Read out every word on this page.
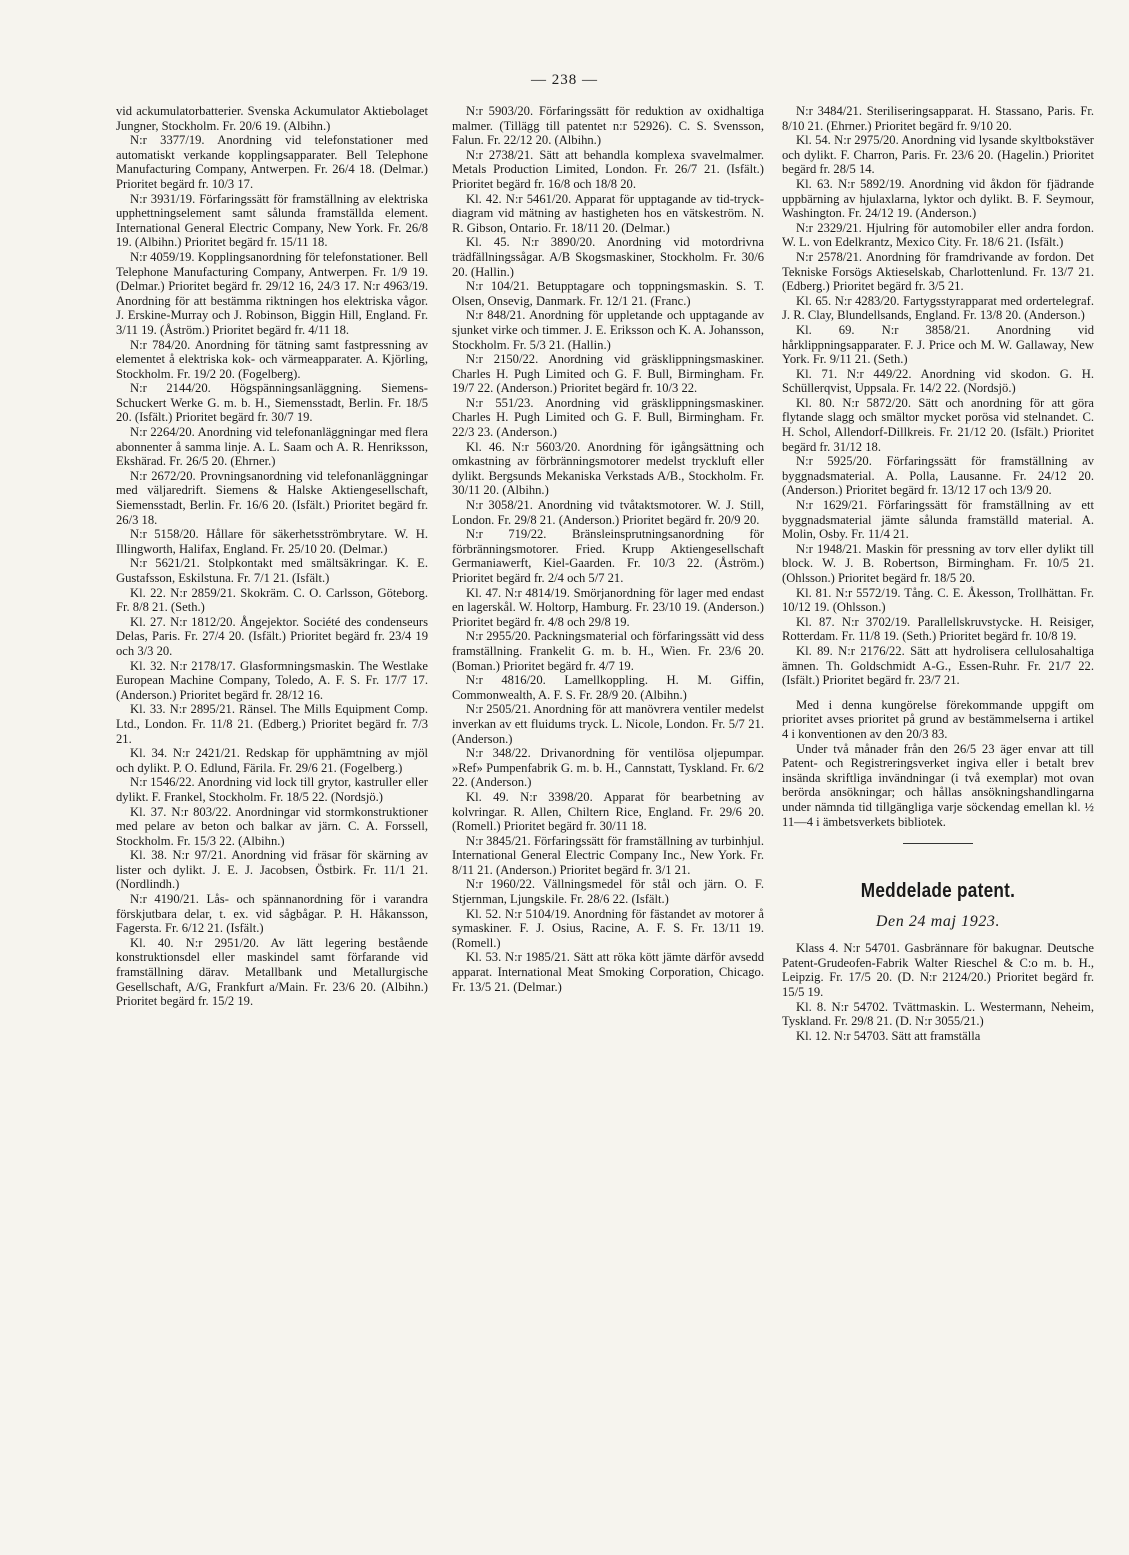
— 238 —

vid ackumulatorbatterier. Svenska Ackumulator Aktiebolaget Jungner, Stockholm. Fr. 20/6 19. (Albihn.)

N:r 3377/19. Anordning vid telefonstationer med automatiskt verkande kopplingsapparater. Bell Telephone Manufacturing Company, Antwerpen. Fr. 26/4 18. (Delmar.) Prioritet begärd fr. 10/3 17.

N:r 3931/19. Förfaringssätt för framställning av elektriska upphettningselement samt sålunda framställda element. International General Electric Company, New York. Fr. 26/8 19. (Albihn.) Prioritet begärd fr. 15/11 18.

N:r 4059/19. Kopplingsanordning för telefonstationer. Bell Telephone Manufacturing Company, Antwerpen. Fr. 1/9 19. (Delmar.) Prioritet begärd fr. 29/12 16, 24/3 17. N:r 4963/19. Anordning för att bestämma riktningen hos elektriska vågor. J. Erskine-Murray och J. Robinson, Biggin Hill, England. Fr. 3/11 19. (Åström.) Prioritet begärd fr. 4/11 18.

N:r 784/20. Anordning för tätning samt fastpressning av elementet å elektriska kok- och värmeapparater. A. Kjörling, Stockholm. Fr. 19/2 20. (Fogelberg).

N:r 2144/20. Högspänningsanläggning. Siemens-Schuckert Werke G. m. b. H., Siemensstadt, Berlin. Fr. 18/5 20. (Isfält.) Prioritet begärd fr. 30/7 19.

N:r 2264/20. Anordning vid telefonanläggningar med flera abonnenter å samma linje. A. L. Saam och A. R. Henriksson, Ekshärad. Fr. 26/5 20. (Ehrner.)

N:r 2672/20. Provningsanordning vid telefonanläggningar med väljaredrift. Siemens & Halske Aktiengesellschaft, Siemensstadt, Berlin. Fr. 16/6 20. (Isfält.) Prioritet begärd fr. 26/3 18.

N:r 5158/20. Hållare för säkerhetsströmbrytare. W. H. Illingworth, Halifax, England. Fr. 25/10 20. (Delmar.)

N:r 5621/21. Stolpkontakt med smältsäkringar. K. E. Gustafsson, Eskilstuna. Fr. 7/1 21. (Isfält.)

Kl. 22. N:r 2859/21. Skokräm. C. O. Carlsson, Göteborg. Fr. 8/8 21. (Seth.)

Kl. 27. N:r 1812/20. Ångejektor. Société des condenseurs Delas, Paris. Fr. 27/4 20. (Isfält.) Prioritet begärd fr. 23/4 19 och 3/3 20.

Kl. 32. N:r 2178/17. Glasformningsmaskin. The Westlake European Machine Company, Toledo, A. F. S. Fr. 17/7 17. (Anderson.) Prioritet begärd fr. 28/12 16.

Kl. 33. N:r 2895/21. Ränsel. The Mills Equipment Comp. Ltd., London. Fr. 11/8 21. (Edberg.) Prioritet begärd fr. 7/3 21.

Kl. 34. N:r 2421/21. Redskap för upphämtning av mjöl och dylikt. P. O. Edlund, Färila. Fr. 29/6 21. (Fogelberg.)

N:r 1546/22. Anordning vid lock till grytor, kastruller eller dylikt. F. Frankel, Stockholm. Fr. 18/5 22. (Nordsjö.)

Kl. 37. N:r 803/22. Anordningar vid stormkonstruktioner med pelare av beton och balkar av järn. C. A. Forssell, Stockholm. Fr. 15/3 22. (Albihn.)

Kl. 38. N:r 97/21. Anordning vid fräsar för skärning av lister och dylikt. J. E. J. Jacobsen, Östbirk. Fr. 11/1 21. (Nordlindh.)

N:r 4190/21. Lås- och spännanordning för i varandra förskjutbara delar, t. ex. vid sågbågar. P. H. Håkansson, Fagersta. Fr. 6/12 21. (Isfält.)

Kl. 40. N:r 2951/20. Av lätt legering bestående konstruktionsdel eller maskindel samt förfarande vid framställning därav. Metallbank und Metallurgische Gesellschaft, A/G, Frankfurt a/Main. Fr. 23/6 20. (Albihn.) Prioritet begärd fr. 15/2 19.

N:r 5903/20. Förfaringssätt för reduktion av oxidhaltiga malmer. (Tillägg till patentet n:r 52926). C. S. Svensson, Falun. Fr. 22/12 20. (Albihn.)

N:r 2738/21. Sätt att behandla komplexa svavelmalmer. Metals Production Limited, London. Fr. 26/7 21. (Isfält.) Prioritet begärd fr. 16/8 och 18/8 20.

Kl. 42. N:r 5461/20. Apparat för upptagande av tid-tryck-diagram vid mätning av hastigheten hos en vätskeström. N. R. Gibson, Ontario. Fr. 18/11 20. (Delmar.)

Kl. 45. N:r 3890/20. Anordning vid motordrivna trädfällningssågar. A/B Skogsmaskiner, Stockholm. Fr. 30/6 20. (Hallin.)

N:r 104/21. Betupptagare och toppningsmaskin. S. T. Olsen, Onsevig, Danmark. Fr. 12/1 21. (Franc.)

N:r 848/21. Anordning för uppletande och upptagande av sjunket virke och timmer. J. E. Eriksson och K. A. Johansson, Stockholm. Fr. 5/3 21. (Hallin.)

N:r 2150/22. Anordning vid gräsklippningsmaskiner. Charles H. Pugh Limited och G. F. Bull, Birmingham. Fr. 19/7 22. (Anderson.) Prioritet begärd fr. 10/3 22.

N:r 551/23. Anordning vid gräsklippningsmaskiner. Charles H. Pugh Limited och G. F. Bull, Birmingham. Fr. 22/3 23. (Anderson.)

Kl. 46. N:r 5603/20. Anordning för igångsättning och omkastning av förbränningsmotorer medelst tryckluft eller dylikt. Bergsunds Mekaniska Verkstads A/B., Stockholm. Fr. 30/11 20. (Albihn.)

N:r 3058/21. Anordning vid tvåtaktsmotorer. W. J. Still, London. Fr. 29/8 21. (Anderson.) Prioritet begärd fr. 20/9 20.

N:r 719/22. Bränsleinsprutningsanordning för förbränningsmotorer. Fried. Krupp Aktiengesellschaft Germaniawerft, Kiel-Gaarden. Fr. 10/3 22. (Åström.) Prioritet begärd fr. 2/4 och 5/7 21.

Kl. 47. N:r 4814/19. Smörjanordning för lager med endast en lagerskål. W. Holtorp, Hamburg. Fr. 23/10 19. (Anderson.) Prioritet begärd fr. 4/8 och 29/8 19.

N:r 2955/20. Packningsmaterial och förfaringssätt vid dess framställning. Frankelit G. m. b. H., Wien. Fr. 23/6 20. (Boman.) Prioritet begärd fr. 4/7 19.

N:r 4816/20. Lamellkoppling. H. M. Giffin, Commonwealth, A. F. S. Fr. 28/9 20. (Albihn.)

N:r 2505/21. Anordning för att manövrera ventiler medelst inverkan av ett fluidums tryck. L. Nicole, London. Fr. 5/7 21. (Anderson.)

N:r 348/22. Drivanordning för ventilösa oljepumpar. »Ref» Pumpenfabrik G. m. b. H., Cannstatt, Tyskland. Fr. 6/2 22. (Anderson.)

Kl. 49. N:r 3398/20. Apparat för bearbetning av kolvringar. R. Allen, Chiltern Rice, England. Fr. 29/6 20. (Romell.) Prioritet begärd fr. 30/11 18.

N:r 3845/21. Förfaringssätt för framställning av turbinhjul. International General Electric Company Inc., New York. Fr. 8/11 21. (Anderson.) Prioritet begärd fr. 3/1 21.

N:r 1960/22. Vällningsmedel för stål och järn. O. F. Stjernman, Ljungskile. Fr. 28/6 22. (Isfält.)

Kl. 52. N:r 5104/19. Anordning för fästandet av motorer å symaskiner. F. J. Osius, Racine, A. F. S. Fr. 13/11 19. (Romell.)

Kl. 53. N:r 1985/21. Sätt att röka kött jämte därför avsedd apparat. International Meat Smoking Corporation, Chicago. Fr. 13/5 21. (Delmar.)

N:r 3484/21. Steriliseringsapparat. H. Stassano, Paris. Fr. 8/10 21. (Ehrner.) Prioritet begärd fr. 9/10 20.

Kl. 54. N:r 2975/20. Anordning vid lysande skyltbokstäver och dylikt. F. Charron, Paris. Fr. 23/6 20. (Hagelin.) Prioritet begärd fr. 28/5 14.

Kl. 63. N:r 5892/19. Anordning vid åkdon för fjädrande uppbärning av hjulaxlarna, lyktor och dylikt. B. F. Seymour, Washington. Fr. 24/12 19. (Anderson.)

N:r 2329/21. Hjulring för automobiler eller andra fordon. W. L. von Edelkrantz, Mexico City. Fr. 18/6 21. (Isfält.)

N:r 2578/21. Anordning för framdrivande av fordon. Det Tekniske Forsögs Aktieselskab, Charlottenlund. Fr. 13/7 21. (Edberg.) Prioritet begärd fr. 3/5 21.

Kl. 65. N:r 4283/20. Fartygsstyrapparat med ordertelegraf. J. R. Clay, Blundellsands, England. Fr. 13/8 20. (Anderson.)

Kl. 69. N:r 3858/21. Anordning vid hårklippningsapparater. F. J. Price och M. W. Gallaway, New York. Fr. 9/11 21. (Seth.)

Kl. 71. N:r 449/22. Anordning vid skodon. G. H. Schüllerqvist, Uppsala. Fr. 14/2 22. (Nordsjö.)

Kl. 80. N:r 5872/20. Sätt och anordning för att göra flytande slagg och smältor mycket porösa vid stelnandet. C. H. Schol, Allendorf-Dillkreis. Fr. 21/12 20. (Isfält.) Prioritet begärd fr. 31/12 18.

N:r 5925/20. Förfaringssätt för framställning av byggnadsmaterial. A. Polla, Lausanne. Fr. 24/12 20. (Anderson.) Prioritet begärd fr. 13/12 17 och 13/9 20.

N:r 1629/21. Förfaringssätt för framställning av ett byggnadsmaterial jämte sålunda framställd material. A. Molin, Osby. Fr. 11/4 21.

N:r 1948/21. Maskin för pressning av torv eller dylikt till block. W. J. B. Robertson, Birmingham. Fr. 10/5 21. (Ohlsson.) Prioritet begärd fr. 18/5 20.

Kl. 81. N:r 5572/19. Tång. C. E. Åkesson, Trollhättan. Fr. 10/12 19. (Ohlsson.)

Kl. 87. N:r 3702/19. Parallellskruvstycke. H. Reisiger, Rotterdam. Fr. 11/8 19. (Seth.) Prioritet begärd fr. 10/8 19.

Kl. 89. N:r 2176/22. Sätt att hydrolisera cellulosahaltiga ämnen. Th. Goldschmidt A-G., Essen-Ruhr. Fr. 21/7 22. (Isfält.) Prioritet begärd fr. 23/7 21.

Med i denna kungörelse förekommande uppgift om prioritet avses prioritet på grund av bestämmelserna i artikel 4 i konventionen av den 20/3 83.

Under två månader från den 26/5 23 äger envar att till Patent- och Registreringsverket ingiva eller i betalt brev insända skriftliga invändningar (i två exemplar) mot ovan berörda ansökningar; och hållas ansökningshandlingarna under nämnda tid tillgängliga varje söckendag emellan kl. ½ 11—4 i ämbetsverkets bibliotek.

Meddelade patent.
Den 24 maj 1923.

Klass 4. N:r 54701. Gasbrännare för bakugnar. Deutsche Patent-Grudeofen-Fabrik Walter Rieschel & C:o m. b. H., Leipzig. Fr. 17/5 20. (D. N:r 2124/20.) Prioritet begärd fr. 15/5 19.

Kl. 8. N:r 54702. Tvättmaskin. L. Westermann, Neheim, Tyskland. Fr. 29/8 21. (D. N:r 3055/21.)

Kl. 12. N:r 54703. Sätt att framställa
